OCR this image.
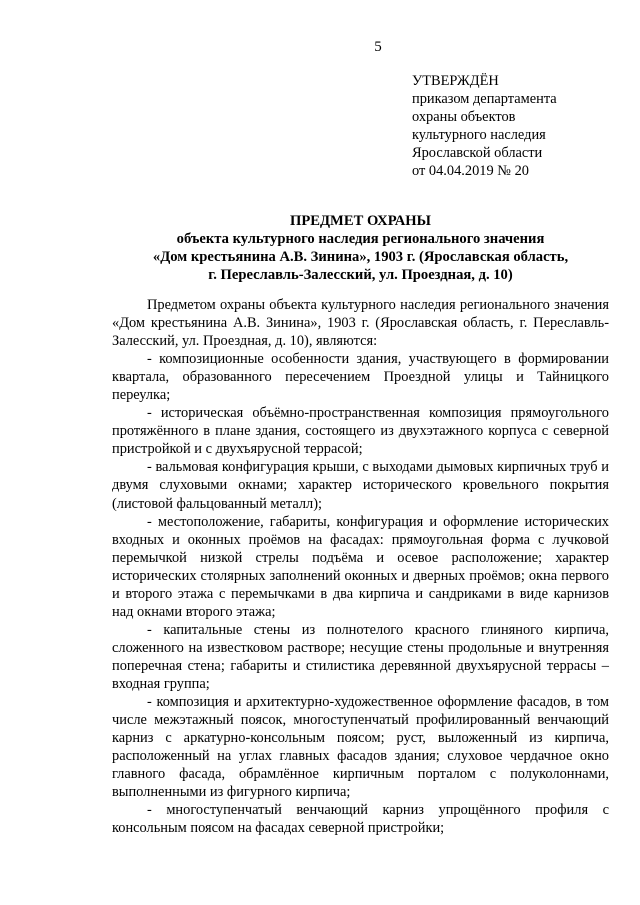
5
УТВЕРЖДЁН
приказом департамента
охраны объектов
культурного наследия
Ярославской области
от 04.04.2019 № 20
ПРЕДМЕТ ОХРАНЫ
объекта культурного наследия регионального значения
«Дом крестьянина А.В. Зинина», 1903 г. (Ярославская область,
г. Переславль-Залесский, ул. Проездная, д. 10)

Предметом охраны объекта культурного наследия регионального значения «Дом крестьянина А.В. Зинина», 1903 г. (Ярославская область, г. Переславль-Залесский, ул. Проездная, д. 10), являются:

- композиционные особенности здания, участвующего в формировании квартала, образованного пересечением Проездной улицы и Тайницкого переулка;

- историческая объёмно-пространственная композиция прямоугольного протяжённого в плане здания, состоящего из двухэтажного корпуса с северной пристройкой и с двухъярусной террасой;

- вальмовая конфигурация крыши, с выходами дымовых кирпичных труб и двумя слуховыми окнами; характер исторического кровельного покрытия (листовой фальцованный металл);

- местоположение, габариты, конфигурация и оформление исторических входных и оконных проёмов на фасадах: прямоугольная форма с лучковой перемычкой низкой стрелы подъёма и осевое расположение; характер исторических столярных заполнений оконных и дверных проёмов; окна первого и второго этажа с перемычками в два кирпича и сандриками в виде карнизов над окнами второго этажа;

- капитальные стены из полнотелого красного глиняного кирпича, сложенного на известковом растворе; несущие стены продольные и внутренняя поперечная стена; габариты и стилистика деревянной двухъярусной террасы – входная группа;

- композиция и архитектурно-художественное оформление фасадов, в том числе межэтажный поясок, многоступенчатый профилированный венчающий карниз с аркатурно-консольным поясом; руст, выложенный из кирпича, расположенный на углах главных фасадов здания; слуховое чердачное окно главного фасада, обрамлённое кирпичным порталом с полуколоннами, выполненными из фигурного кирпича;

- многоступенчатый венчающий карниз упрощённого профиля с консольным поясом на фасадах северной пристройки;
